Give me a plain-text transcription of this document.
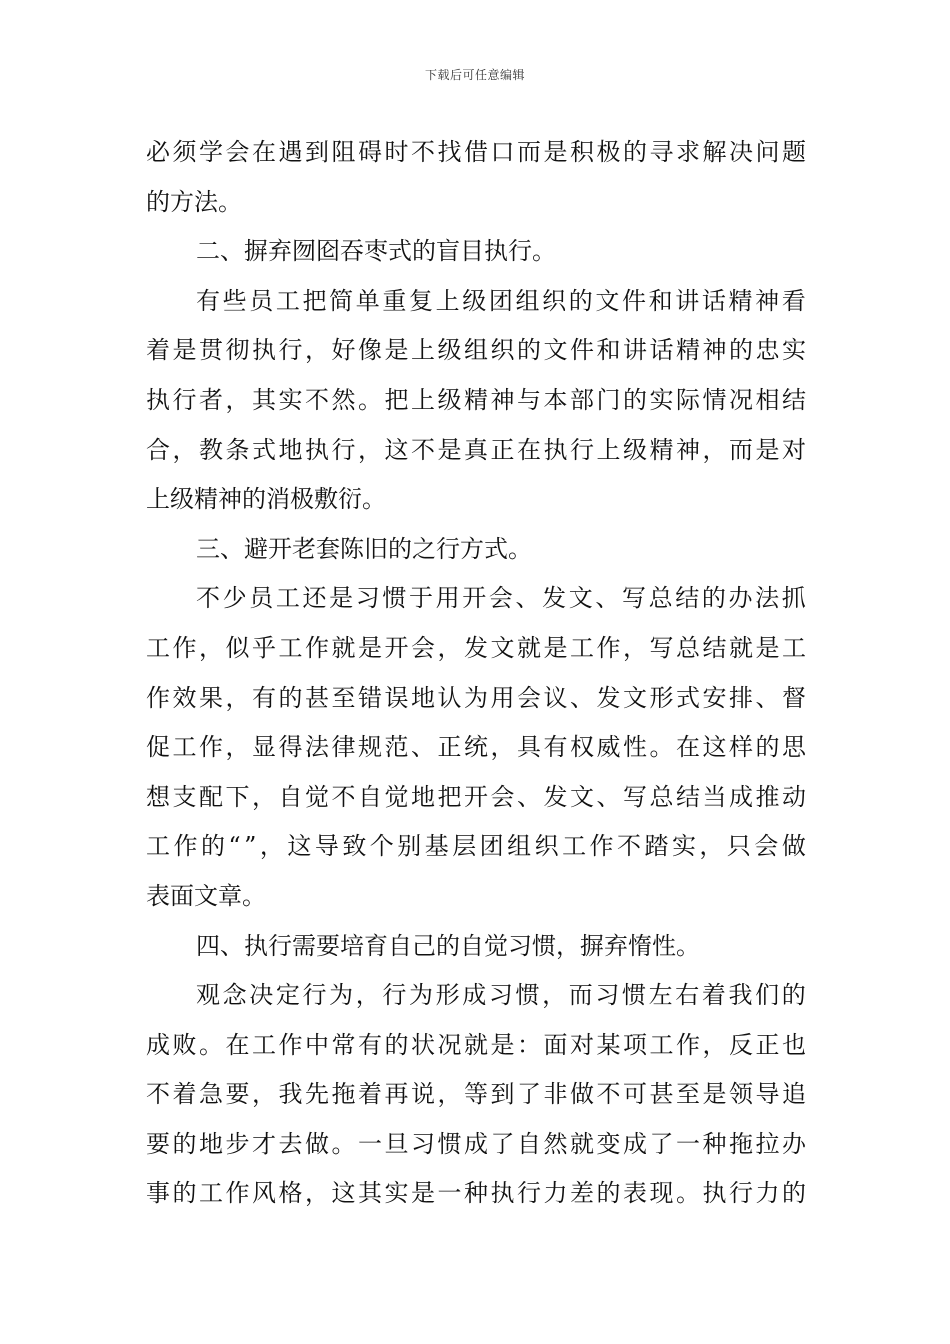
下载后可任意编辑
必 须 学 会 在 遇 到 阻 碍 时 不 找 借 口 而 是 积 极 的 寻 求 解 决 问 题
的方法。
二、摒弃囫囵吞枣式的盲目执行。
有 些 员 工 把 简 单 重 复 上 级 团 组 织 的 文 件 和 讲 话 精 神 看
着 是 贯 彻 执 行 ， 好 像 是 上 级 组 织 的 文 件 和 讲 话 精 神 的 忠 实
执 行 者 ， 其 实 不 然 。 把 上 级 精 神 与 本 部 门 的 实 际 情 况 相 结
合 ， 教 条 式 地 执 行 ， 这 不 是 真 正 在 执 行 上 级 精 神 ， 而 是 对
上级精神的消极敷衍。
三、避开老套陈旧的之行方式。
不 少 员 工 还 是 习 惯 于 用 开 会 、 发 文 、 写 总 结 的 办 法 抓
工 作 ， 似 乎 工 作 就 是 开 会 ， 发 文 就 是 工 作 ， 写 总 结 就 是 工
作 效 果 ， 有 的 甚 至 错 误 地 认 为 用 会 议 、 发 文 形 式 安 排 、 督
促 工 作 ， 显 得 法 律 规 范 、 正 统 ， 具 有 权 威 性 。 在 这 样 的 思
想 支 配 下 ， 自 觉 不 自 觉 地 把 开 会 、 发 文 、 写 总 结 当 成 推 动
工 作 的 “ ” ， 这 导 致 个 别 基 层 团 组 织 工 作 不 踏 实 ， 只 会 做
表面文章。
四、执行需要培育自己的自觉习惯，摒弃惰性。
观 念 决 定 行 为 ， 行 为 形 成 习 惯 ， 而 习 惯 左 右 着 我 们 的
成 败 。 在 工 作 中 常 有 的 状 况 就 是 ： 面 对 某 项 工 作 ， 反 正 也
不 着 急 要 ， 我 先 拖 着 再 说 ， 等 到 了 非 做 不 可 甚 至 是 领 导 追
要 的 地 步 才 去 做 。 一 旦 习 惯 成 了 自 然 就 变 成 了 一 种 拖 拉 办
事 的 工 作 风 格 ， 这 其 实 是 一 种 执 行 力 差 的 表 现 。 执 行 力 的
